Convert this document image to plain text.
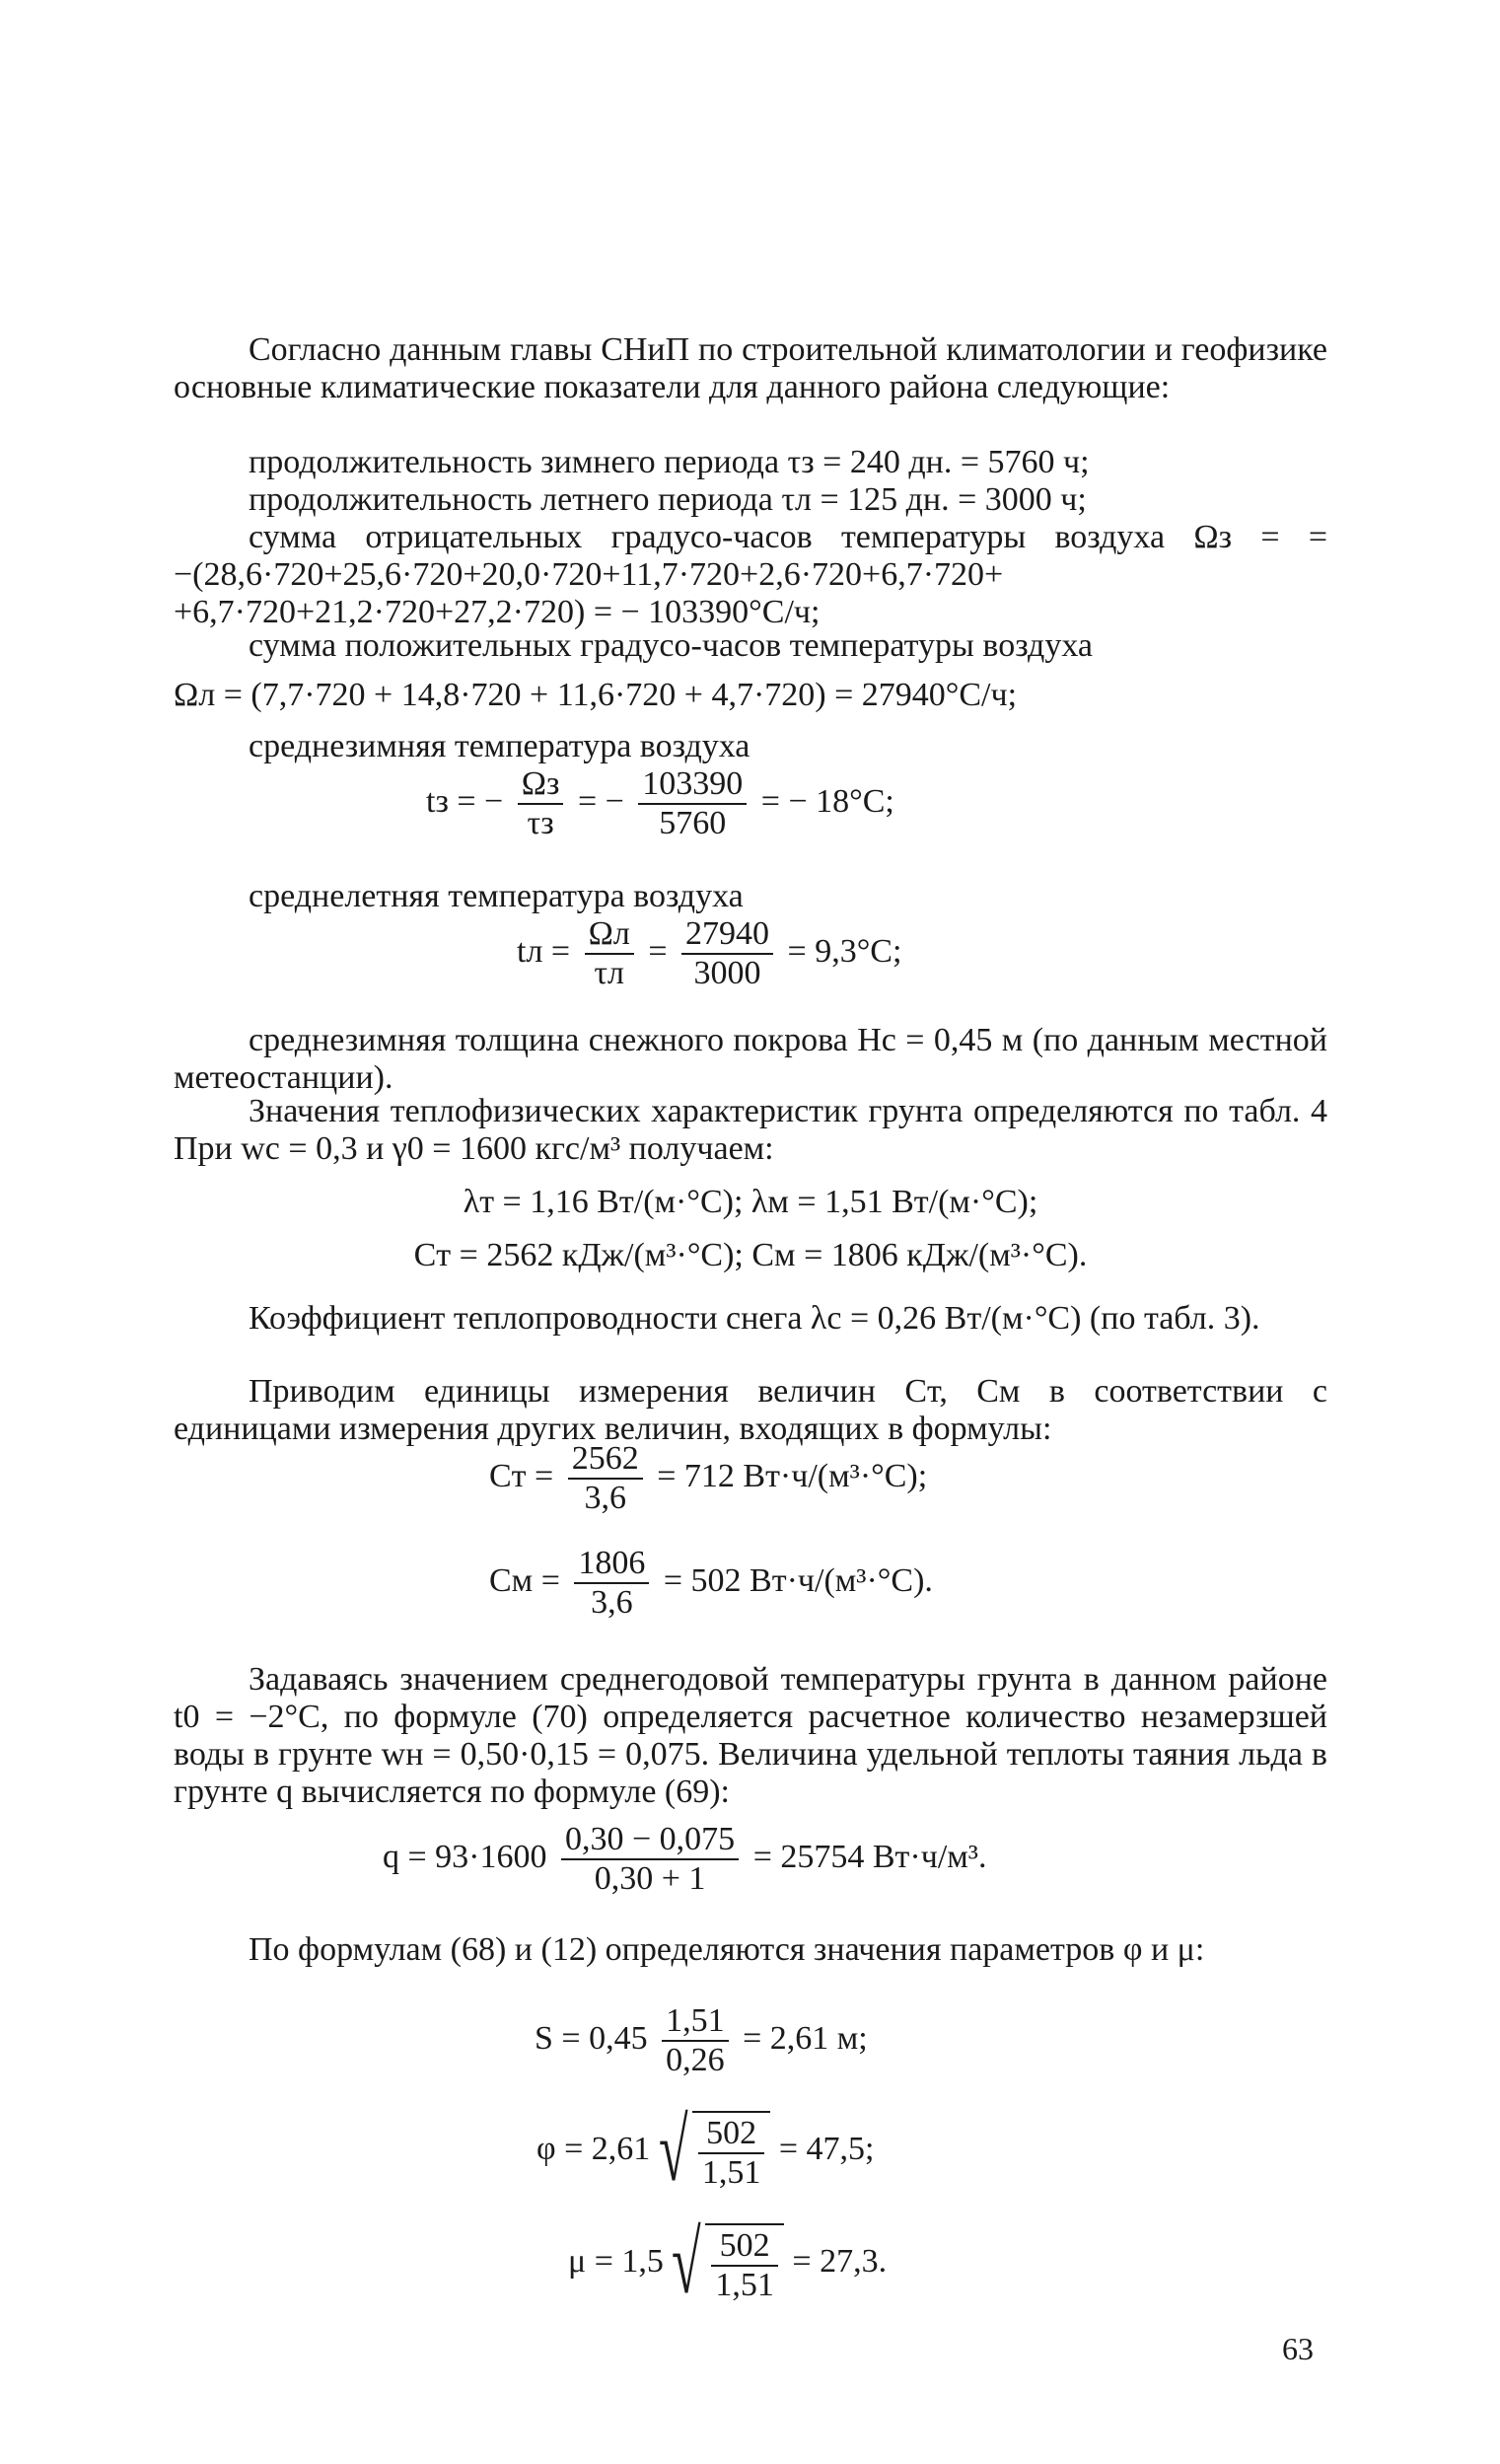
Согласно данным главы СНиП по строительной климатологии и геофизике основные климатические показатели для данного района следующие:
продолжительность зимнего периода τз = 240 дн. = 5760 ч;
продолжительность летнего периода τл = 125 дн. = 3000 ч;
сумма отрицательных градусо-часов температуры воздуха Ωз = = −(28,6·720+25,6·720+20,0·720+11,7·720+2,6·720+6,7·720+ +6,7·720+21,2·720+27,2·720) = − 103390°С/ч;
сумма положительных градусо-часов температуры воздуха
Ωл = (7,7·720 + 14,8·720 + 11,6·720 + 4,7·720) = 27940°С/ч;
среднезимняя температура воздуха
tз = − $\frac{\Omega з}{\tau з}$ = − $\frac{103390}{5760}$ = − 18°С;
среднелетняя температура воздуха
tл = $\frac{\Omega л}{\tau л} = \frac{27940}{3000} = 9,3^\circ С$;
среднезимняя толщина снежного покрова Hс = 0,45 м (по данным местной метеостанции).
Значения теплофизических характеристик грунта определяются по табл. 4 При wс = 0,3 и γ0 = 1600 кгс/м³ получаем:
λт = 1,16 Вт/(м·°С); λм = 1,51 Вт/(м·°С);
Cт = 2562 кДж/(м³·°С); Cм = 1806 кДж/(м³·°С).
Коэффициент теплопроводности снега λс = 0,26 Вт/(м·°С) (по табл. 3).
Приводим единицы измерения величин Cт, Cм в соответствии с единицами измерения других величин, входящих в формулы:
Cт = $\frac{2562}{3,6} = 712$ Вт·ч/(м³·°С);
Cм = $\frac{1806}{3,6} = 502$ Вт·ч/(м³·°С).
Задаваясь значением среднегодовой температуры грунта в данном районе t0 = −2°С, по формуле (70) определяется расчетное количество незамерзшей воды в грунте wн = 0,50·0,15 = 0,075. Величина удельной теплоты таяния льда в грунте q вычисляется по формуле (69):
$q = 93\cdot 1600 \frac{0,30 - 0,075}{0,30 + 1} = 25754$ Вт·ч/м³.
По формулам (68) и (12) определяются значения параметров φ и μ:
$S = 0,45 \frac{1,51}{0,26} = 2,61$ м;
φ = 2,61 √ $\frac{502}{1,51} = 47,5$;
μ = 1,5 √ $\frac{502}{1,51} = 27,3$.
63
